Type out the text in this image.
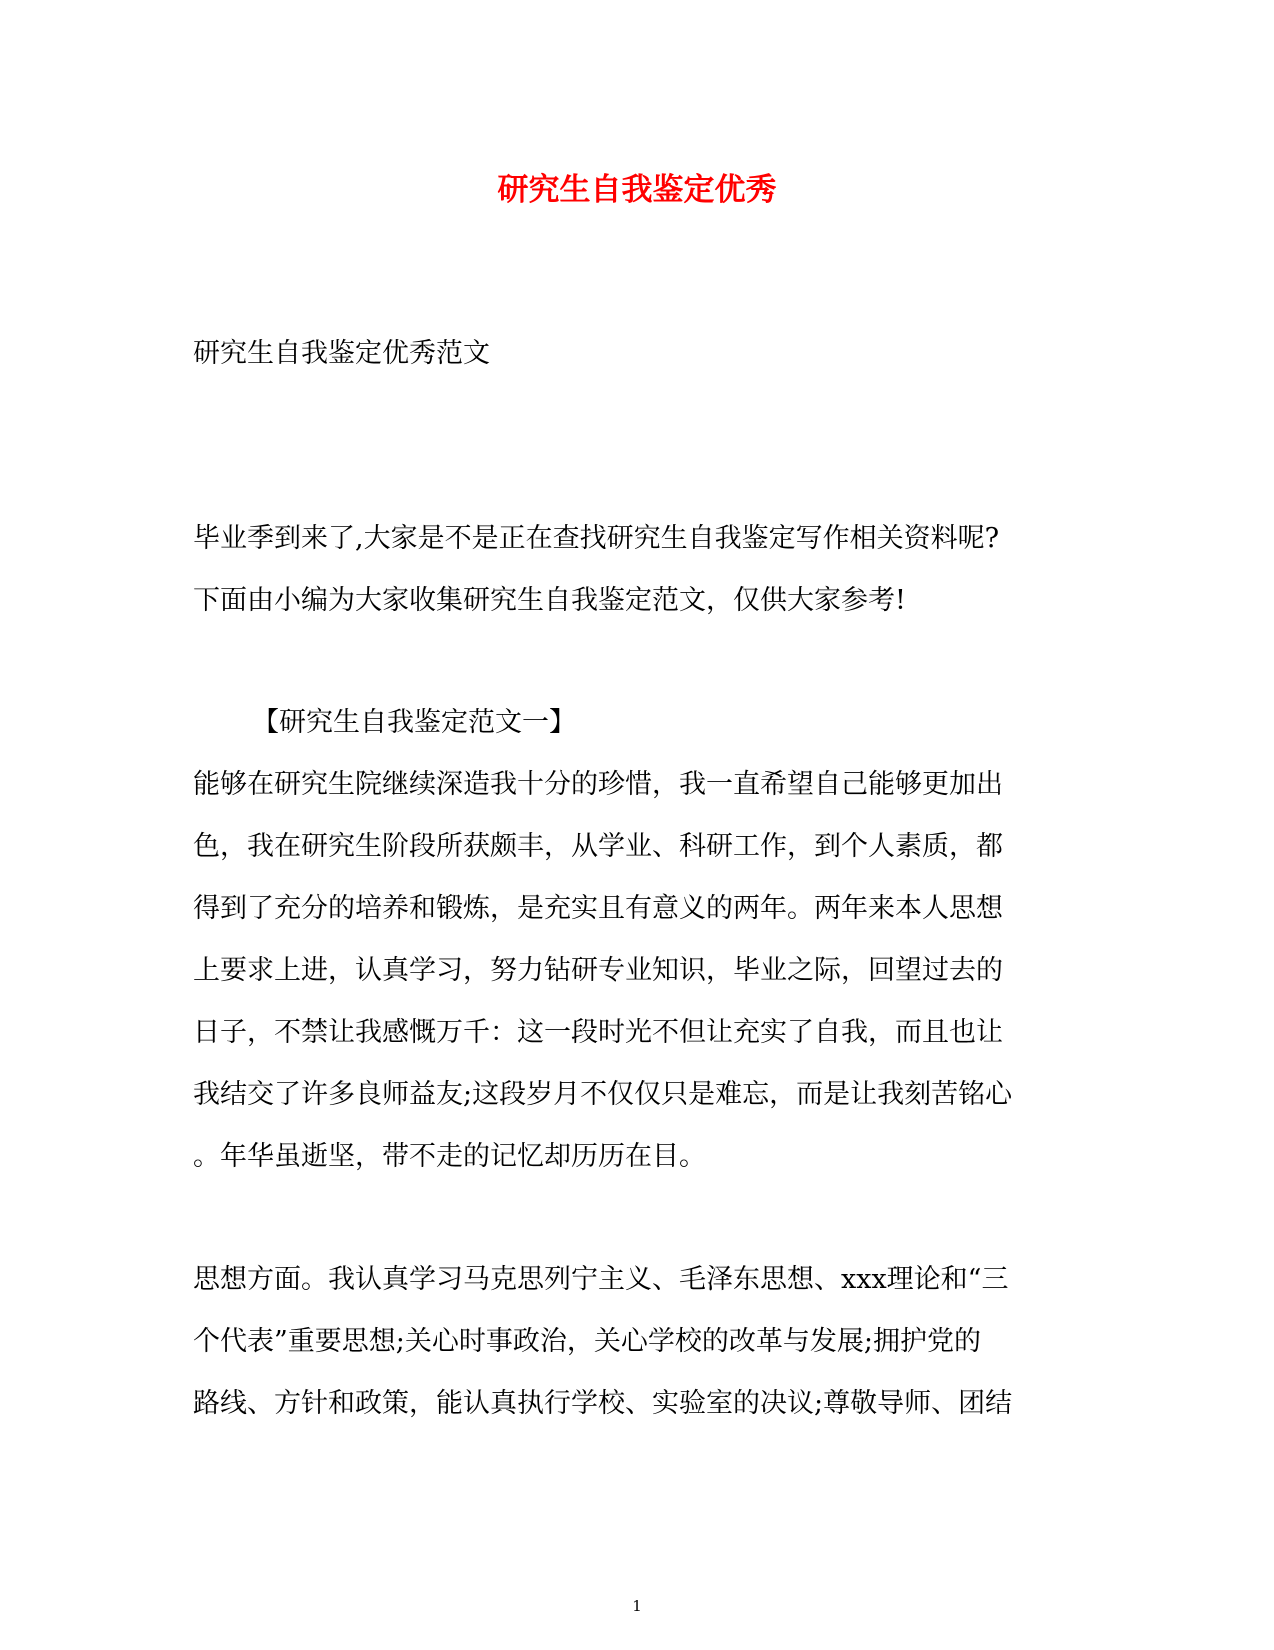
研究生自我鉴定优秀
研究生自我鉴定优秀范文
毕业季到来了,大家是不是正在查找研究生自我鉴定写作相关资料呢?
下面由小编为大家收集研究生自我鉴定范文，仅供大家参考!
【研究生自我鉴定范文一】
能够在研究生院继续深造我十分的珍惜，我一直希望自己能够更加出
色，我在研究生阶段所获颇丰，从学业、科研工作，到个人素质，都
得到了充分的培养和锻炼，是充实且有意义的两年。两年来本人思想
上要求上进，认真学习，努力钻研专业知识，毕业之际，回望过去的
日子，不禁让我感慨万千：这一段时光不但让充实了自我，而且也让
我结交了许多良师益友;这段岁月不仅仅只是难忘，而是让我刻苦铭心
。年华虽逝坚，带不走的记忆却历历在目。
思想方面。我认真学习马克思列宁主义、毛泽东思想、xxx理论和“三
个代表”重要思想;关心时事政治，关心学校的改革与发展;拥护党的
路线、方针和政策，能认真执行学校、实验室的决议;尊敬导师、团结
1
